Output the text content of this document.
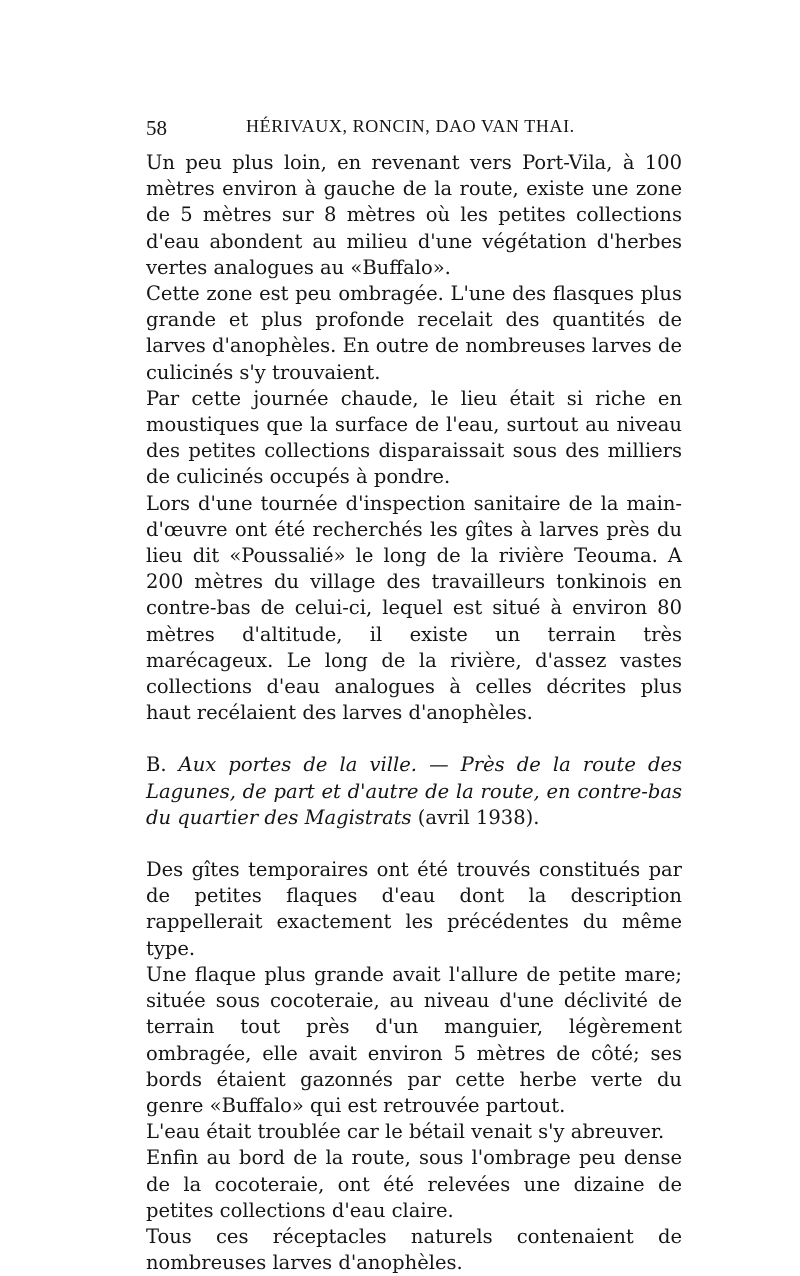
58	HÉRIVAUX, RONCIN, DAO VAN THAI.

Un peu plus loin, en revenant vers Port-Vila, à 100 mètres environ à gauche de la route, existe une zone de 5 mètres sur 8 mètres où les petites collections d'eau abondent au milieu d'une végétation d'herbes vertes analogues au «Buffalo».

Cette zone est peu ombragée. L'une des flasques plus grande et plus profonde recelait des quantités de larves d'anophèles. En outre de nombreuses larves de culicinés s'y trouvaient.

Par cette journée chaude, le lieu était si riche en moustiques que la surface de l'eau, surtout au niveau des petites collections disparaissait sous des milliers de culicinés occupés à pondre.

Lors d'une tournée d'inspection sanitaire de la main-d'œuvre ont été recherchés les gîtes à larves près du lieu dit «Poussalié» le long de la rivière Teouma. A 200 mètres du village des travailleurs tonkinois en contre-bas de celui-ci, lequel est situé à environ 80 mètres d'altitude, il existe un terrain très marécageux. Le long de la rivière, d'assez vastes collections d'eau analogues à celles décrites plus haut recélaient des larves d'anophèles.

B. Aux portes de la ville. — Près de la route des Lagunes, de part et d'autre de la route, en contre-bas du quartier des Magistrats (avril 1938).

Des gîtes temporaires ont été trouvés constitués par de petites flaques d'eau dont la description rappellerait exactement les précédentes du même type.

Une flaque plus grande avait l'allure de petite mare; située sous cocoteraie, au niveau d'une déclivité de terrain tout près d'un manguier, légèrement ombragée, elle avait environ 5 mètres de côté; ses bords étaient gazonnés par cette herbe verte du genre «Buffalo» qui est retrouvée partout.

L'eau était troublée car le bétail venait s'y abreuver.

Enfin au bord de la route, sous l'ombrage peu dense de la cocoteraie, ont été relevées une dizaine de petites collections d'eau claire.

Tous ces réceptacles naturels contenaient de nombreuses larves d'anophèles.
